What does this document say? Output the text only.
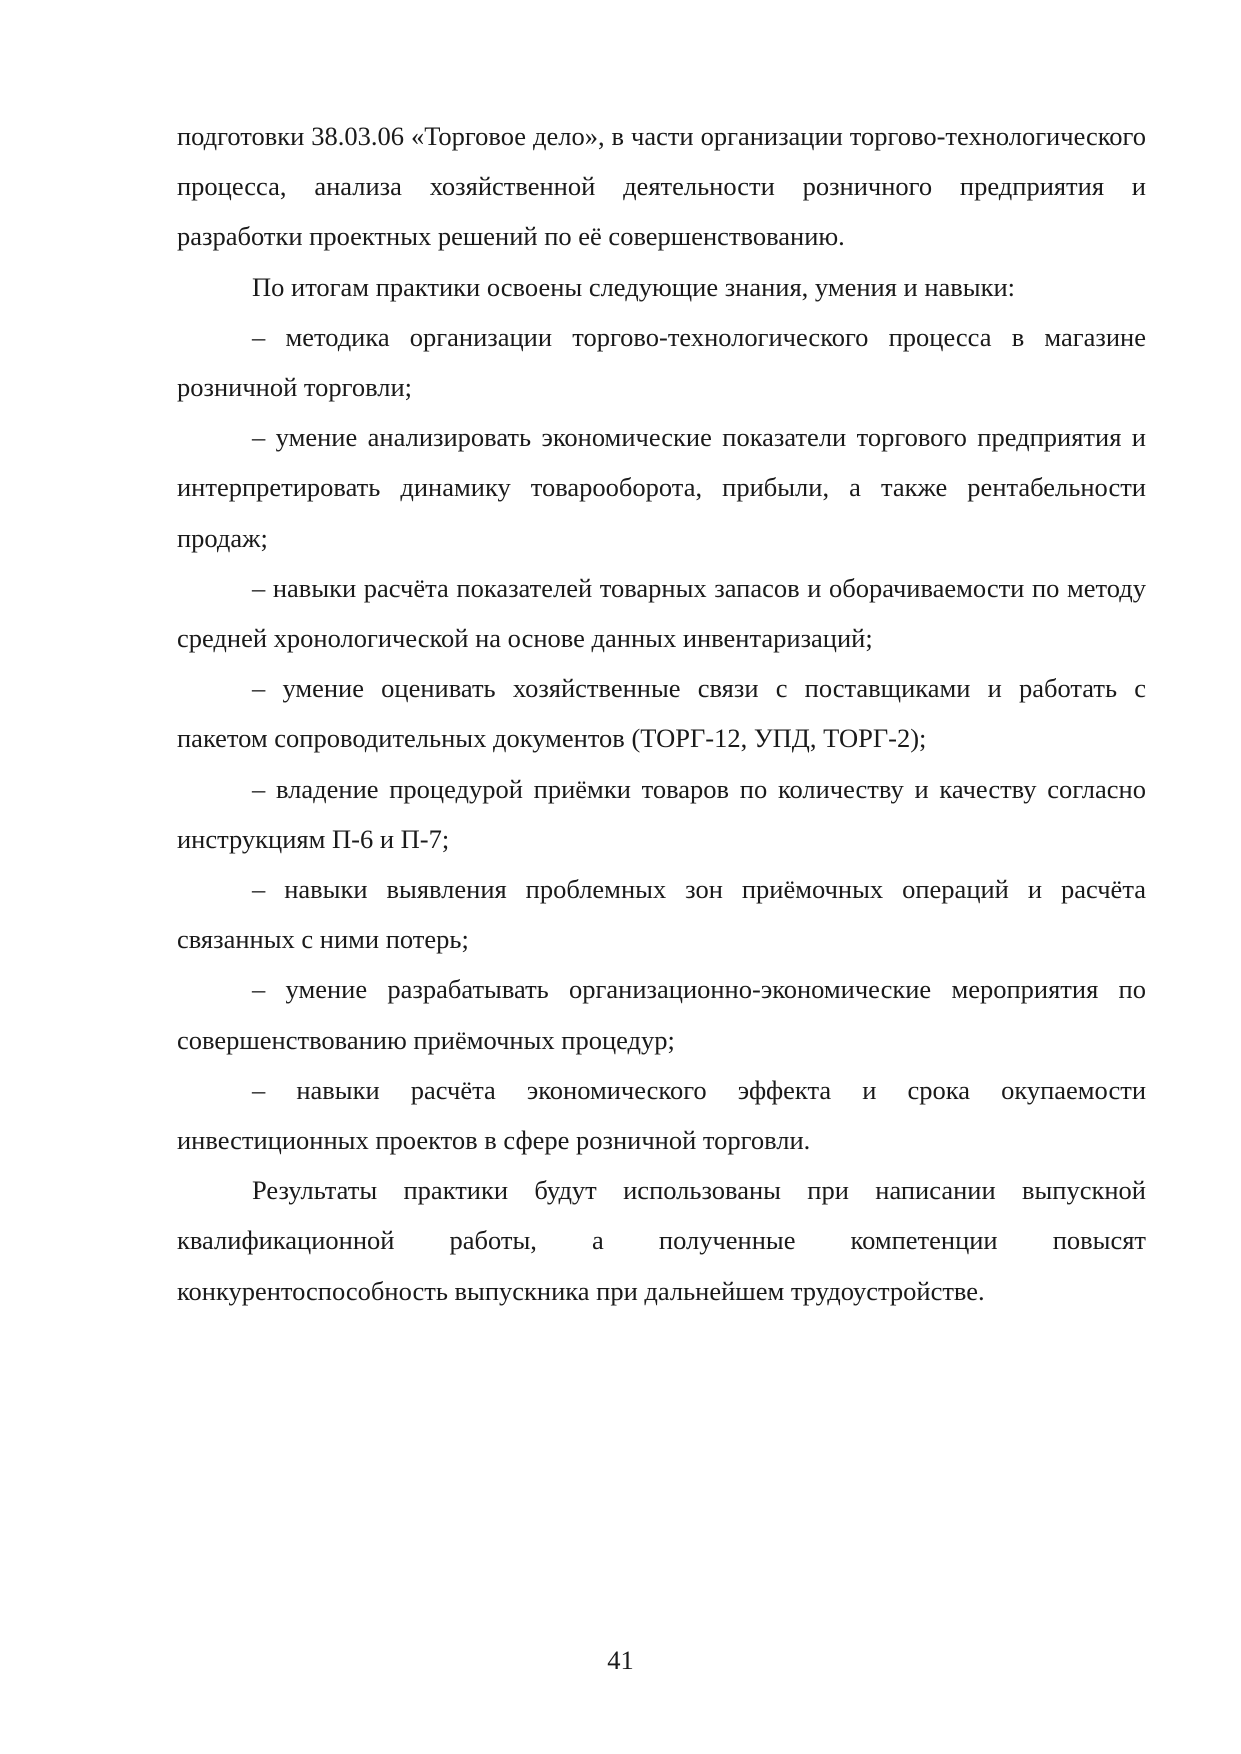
подготовки 38.03.06 «Торговое дело», в части организации торгово-технологического процесса, анализа хозяйственной деятельности розничного предприятия и разработки проектных решений по её совершенствованию.

По итогам практики освоены следующие знания, умения и навыки:

– методика организации торгово-технологического процесса в магазине розничной торговли;

– умение анализировать экономические показатели торгового предприятия и интерпретировать динамику товарооборота, прибыли, а также рентабельности продаж;

– навыки расчёта показателей товарных запасов и оборачиваемости по методу средней хронологической на основе данных инвентаризаций;

– умение оценивать хозяйственные связи с поставщиками и работать с пакетом сопроводительных документов (ТОРГ-12, УПД, ТОРГ-2);

– владение процедурой приёмки товаров по количеству и качеству согласно инструкциям П-6 и П-7;

– навыки выявления проблемных зон приёмочных операций и расчёта связанных с ними потерь;

– умение разрабатывать организационно-экономические мероприятия по совершенствованию приёмочных процедур;

– навыки расчёта экономического эффекта и срока окупаемости инвестиционных проектов в сфере розничной торговли.

Результаты практики будут использованы при написании выпускной квалификационной работы, а полученные компетенции повысят конкурентоспособность выпускника при дальнейшем трудоустройстве.

41
